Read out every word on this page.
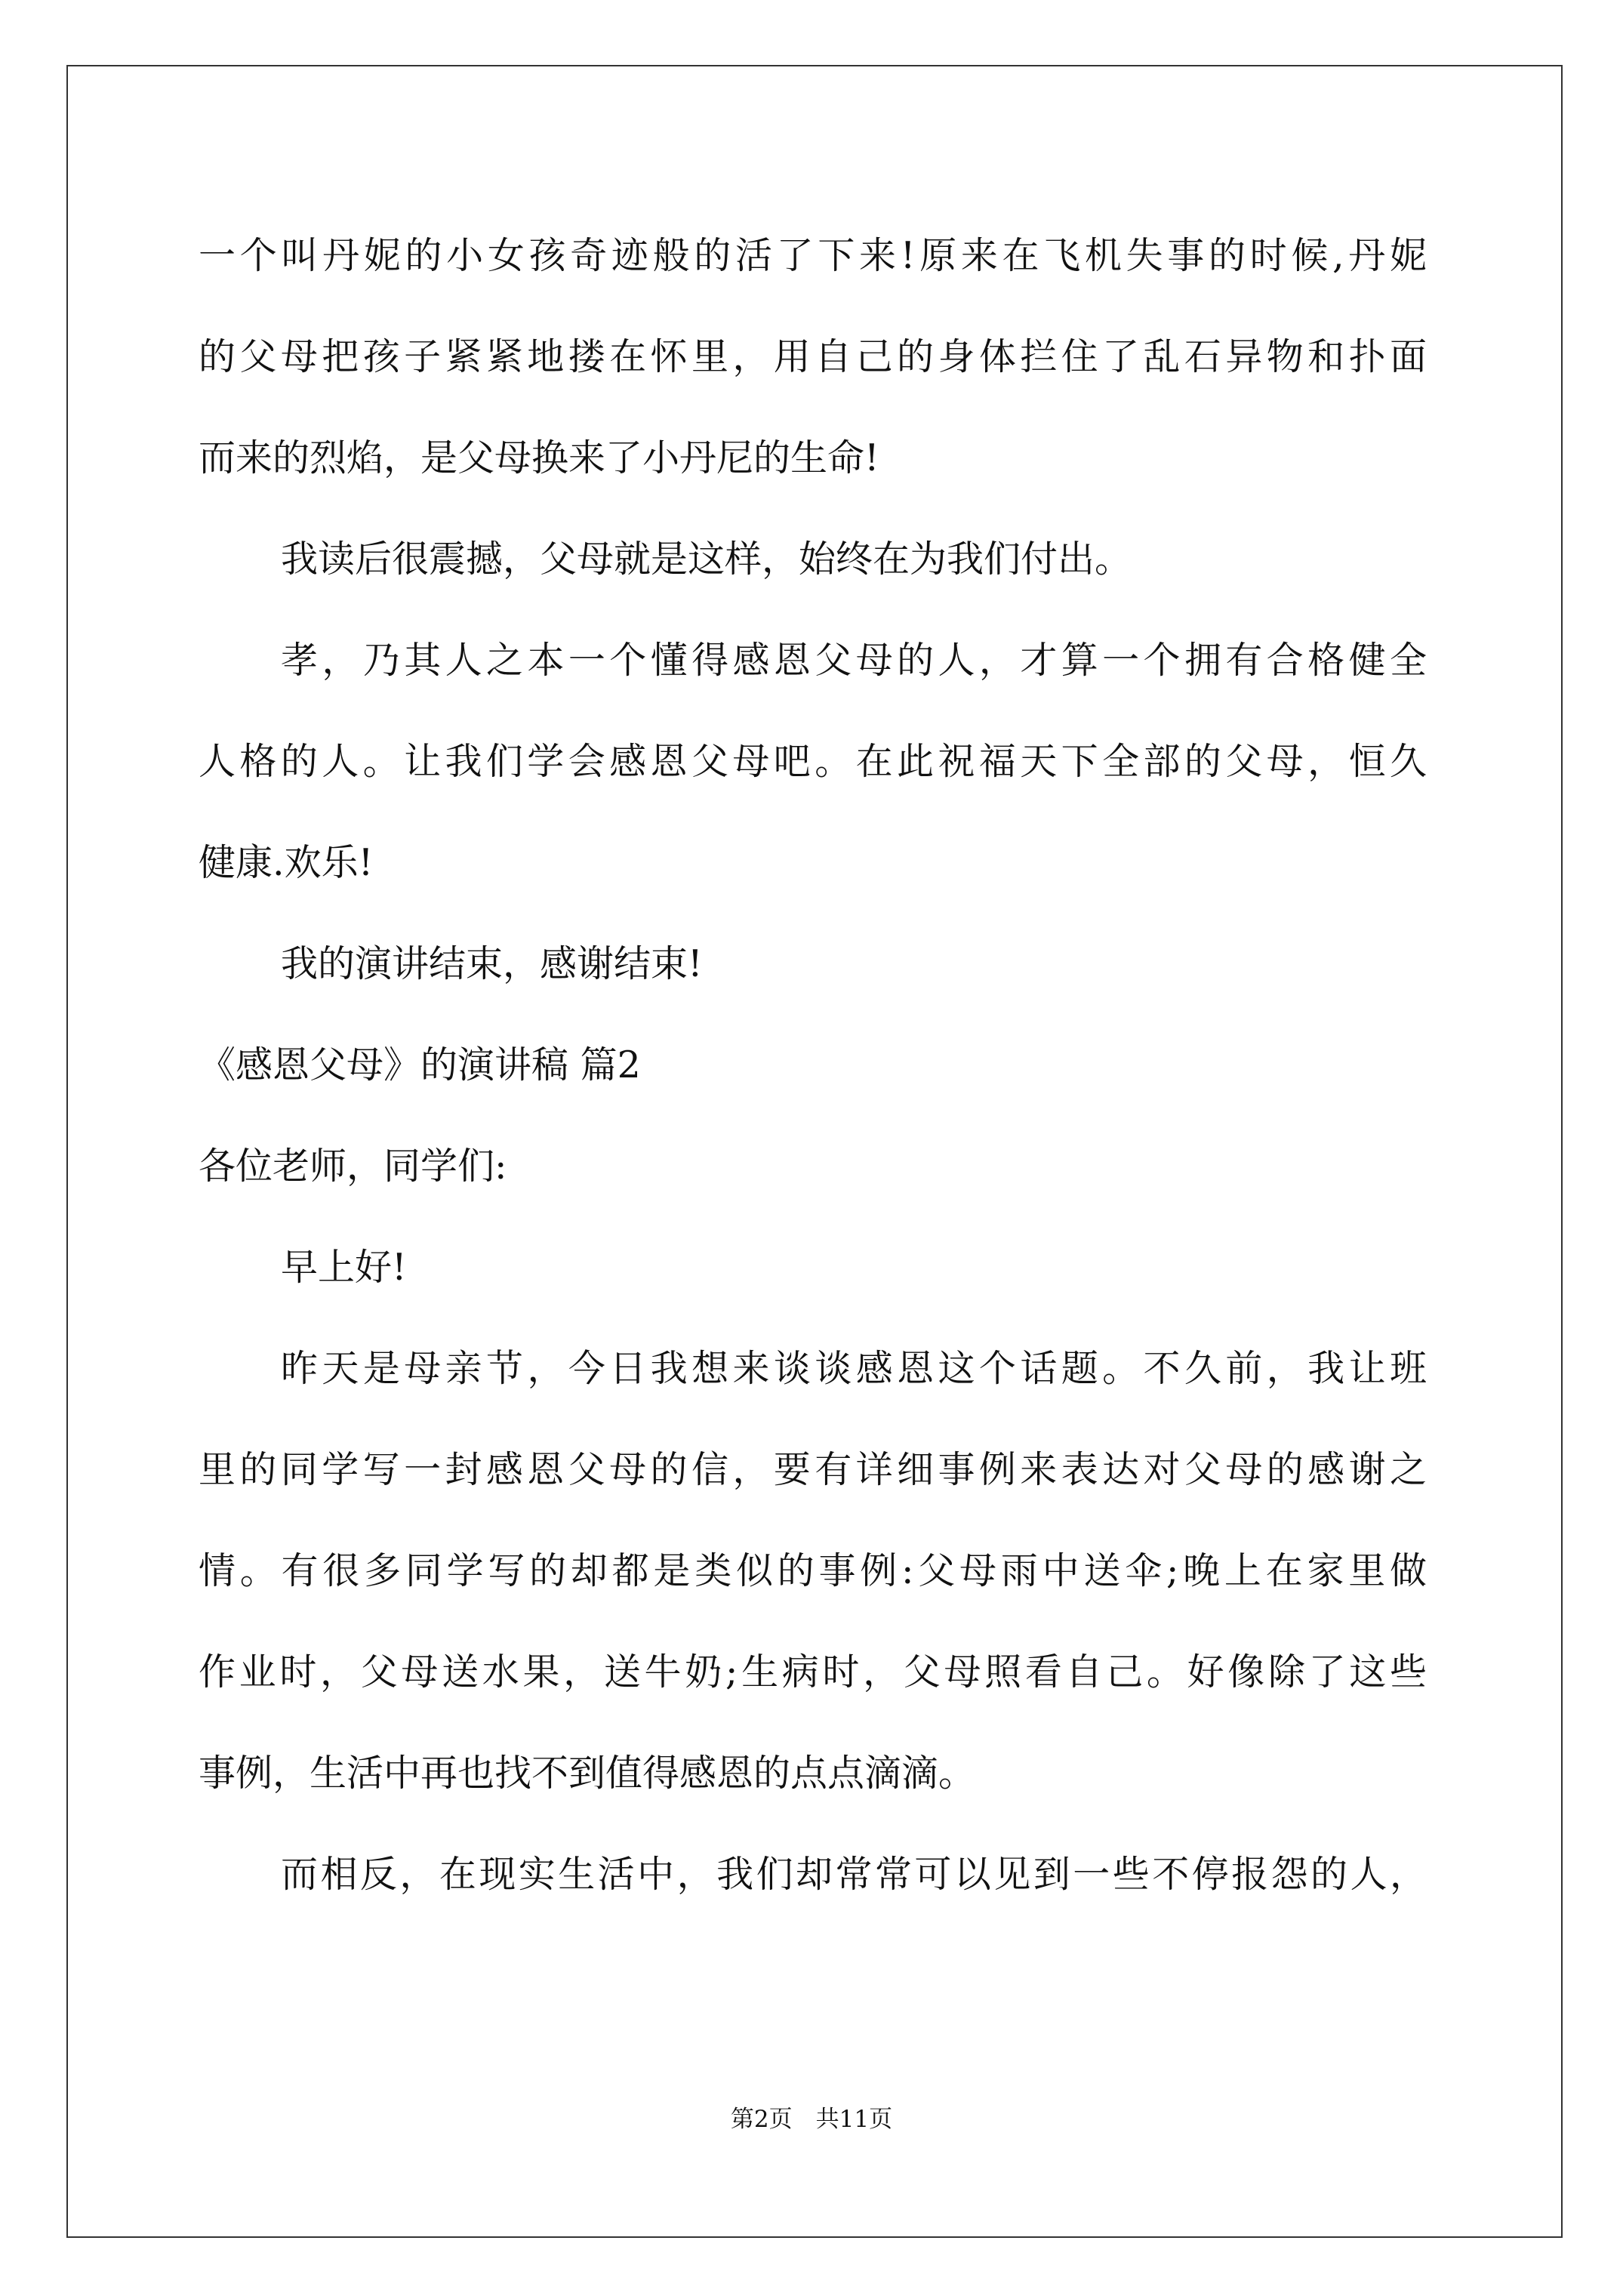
一个叫丹妮的小女孩奇迹般的活了下来!原来在飞机失事的时候,丹妮
的父母把孩子紧紧地搂在怀里，用自己的身体拦住了乱石异物和扑面
而来的烈焰，是父母换来了小丹尼的生命!
我读后很震撼，父母就是这样，始终在为我们付出。
孝，乃其人之本一个懂得感恩父母的人，才算一个拥有合格健全
人格的人。让我们学会感恩父母吧。在此祝福天下全部的父母，恒久
健康.欢乐!
我的演讲结束，感谢结束!
《感恩父母》的演讲稿 篇2
各位老师，同学们:
早上好!
昨天是母亲节，今日我想来谈谈感恩这个话题。不久前，我让班
里的同学写一封感恩父母的信，要有详细事例来表达对父母的感谢之
情。有很多同学写的却都是类似的事例:父母雨中送伞;晚上在家里做
作业时，父母送水果，送牛奶;生病时，父母照看自己。好像除了这些
事例，生活中再也找不到值得感恩的点点滴滴。
而相反，在现实生活中，我们却常常可以见到一些不停报怨的人，
第2页　共11页
